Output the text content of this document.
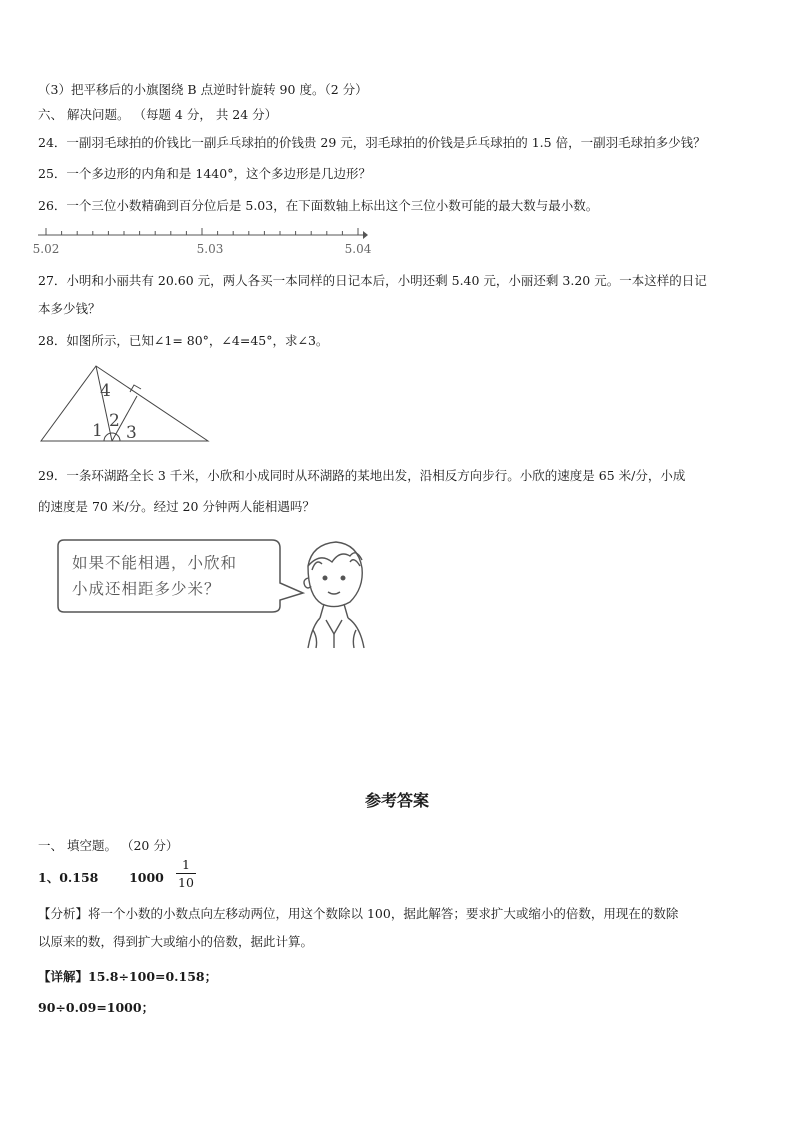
（3）把平移后的小旗图绕 B 点逆时针旋转 90 度。（2 分）
六、 解决问题。 （每题 4 分， 共 24 分）
24．一副羽毛球拍的价钱比一副乒乓球拍的价钱贵 29 元，羽毛球拍的价钱是乒乓球拍的 1.5 倍，一副羽毛球拍多少钱？
25．一个多边形的内角和是 1440°，这个多边形是几边形？
26．一个三位小数精确到百分位后是 5.03，在下面数轴上标出这个三位小数可能的最大数与最小数。
5.02	5.03	5.04
27．小明和小丽共有 20.60 元，两人各买一本同样的日记本后，小明还剩 5.40 元，小丽还剩 3.20 元。一本这样的日记
本多少钱？
28．如图所示，已知∠1= 80°，∠4=45°，求∠3。
4
1 2
3
29．一条环湖路全长 3 千米，小欣和小成同时从环湖路的某地出发，沿相反方向步行。小欣的速度是 65 米/分，小成
的速度是 70 米/分。经过 20 分钟两人能相遇吗？
如果不能相遇，小欣和
小成还相距多少米？
参考答案
一、 填空题。 （20 分）
1、0.158 1000
1
10
【分析】将一个小数的小数点向左移动两位，用这个数除以 100，据此解答；要求扩大或缩小的倍数，用现在的数除
以原来的数，得到扩大或缩小的倍数，据此计算。
【详解】15.8÷100=0.158；
90÷0.09=1000；
